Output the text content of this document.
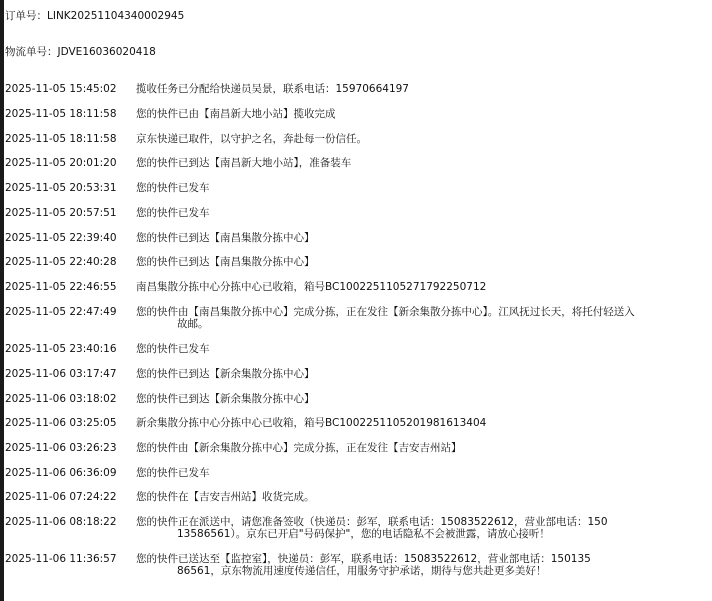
订单号：LINK20251104340002945
物流单号：JDVE16036020418
2025-11-05 15:45:02	揽收任务已分配给快递员吴景，联系电话：15970664197
2025-11-05 18:11:58	您的快件已由【南昌新大地小站】揽收完成
2025-11-05 18:11:58	京东快递已取件，以守护之名，奔赴每一份信任。
2025-11-05 20:01:20	您的快件已到达【南昌新大地小站】，准备装车
2025-11-05 20:53:31	您的快件已发车
2025-11-05 20:57:51	您的快件已发车
2025-11-05 22:39:40	您的快件已到达【南昌集散分拣中心】
2025-11-05 22:40:28	您的快件已到达【南昌集散分拣中心】
2025-11-05 22:46:55	南昌集散分拣中心分拣中心已收箱，箱号BC100225110527179225071​2
2025-11-05 22:47:49	您的快件由【南昌集散分拣中心】完成分拣，正在发往【新余集散分拣中心】。江风抚过长天，将托付轻送入
故邮。
2025-11-05 23:40:16	您的快件已发车
2025-11-06 03:17:47	您的快件已到达【新余集散分拣中心】
2025-11-06 03:18:02	您的快件已到达【新余集散分拣中心】
2025-11-06 03:25:05	新余集散分拣中心分拣中心已收箱，箱号BC1002251105201981613404
2025-11-06 03:26:23	您的快件由【新余集散分拣中心】完成分拣，正在发往【吉安吉州站】
2025-11-06 06:36:09	您的快件已发车
2025-11-06 07:24:22	您的快件在【吉安吉州站】收货完成。
2025-11-06 08:18:22	您的快件正在派送中，请您准备签收（快递员：彭军，联系电话：15083522612，营业部电话：150
13586561）。京东已开启"号码保护"，您的电话隐私不会被泄露，请放心接听！
2025-11-06 11:36:57	您的快件已送达至【监控室】，快递员：彭军，联系电话：15083522612，营业部电话：150135
86561，京东物流用速度传递信任，用服务守护承诺，期待与您共赴更多美好！
